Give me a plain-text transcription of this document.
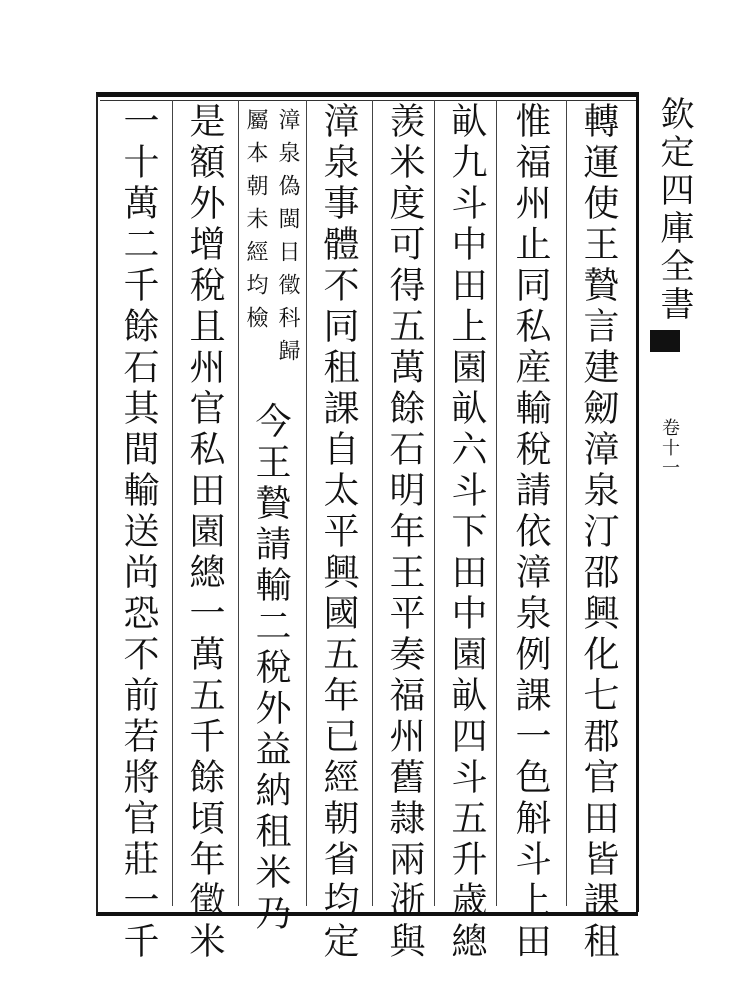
轉運使王贄言建劒漳泉汀邵興化七郡官田皆課租
惟福州止同私産輸稅請依漳泉例課一色斛斗上田
畒九斗中田上園畒六斗下田中園畒四斗五升歳總
羡米度可得五萬餘石明年王平奏福州舊隷兩浙與
漳泉事體不同租課自太平興國五年已經朝省均定
漳泉偽閩日徵科歸
屬本朝未經均檢
今王贄請輸二稅外益納租米乃
是額外增稅且州官私田園總一萬五千餘頃年徵米
一十萬二千餘石其間輸送尚恐不前若將官莊一千	欽定四庫全書
卷十一
